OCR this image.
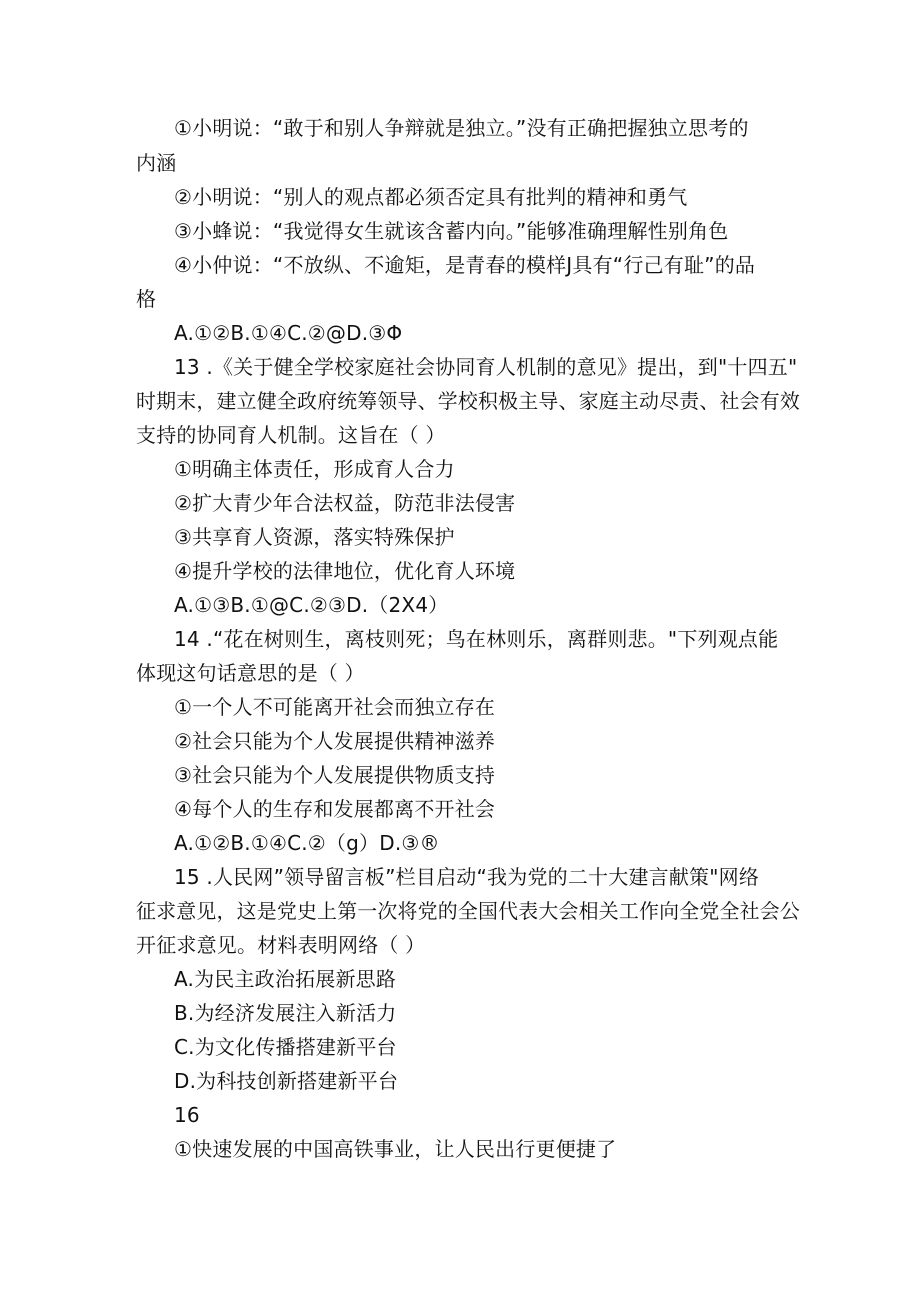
①小明说：“敢于和别人争辩就是独立。”没有正确把握独立思考的
内涵
②小明说：“别人的观点都必须否定具有批判的精神和勇气
③小蜂说：“我觉得女生就该含蓄内向。”能够准确理解性别角色
④小仲说：“不放纵、不逾矩，是青春的模样J具有“行己有耻”的品
格
A.①②B.①④C.②@D.③Φ
13 .《关于健全学校家庭社会协同育人机制的意见》提出，到"十四五"
时期末，建立健全政府统筹领导、学校积极主导、家庭主动尽责、社会有效
支持的协同育人机制。这旨在（ ）
①明确主体责任，形成育人合力
②扩大青少年合法权益，防范非法侵害
③共享育人资源，落实特殊保护
④提升学校的法律地位，优化育人环境
A.①③B.①@C.②③D.（2X4）
14 .“花在树则生，离枝则死；鸟在林则乐，离群则悲。"下列观点能
体现这句话意思的是（ ）
①一个人不可能离开社会而独立存在
②社会只能为个人发展提供精神滋养
③社会只能为个人发展提供物质支持
④每个人的生存和发展都离不开社会
A.①②B.①④C.②（g）D.③®
15 .人民网”领导留言板”栏目启动“我为党的二十大建言献策"网络
征求意见，这是党史上第一次将党的全国代表大会相关工作向全党全社会公
开征求意见。材料表明网络（ ）
A.为民主政治拓展新思路
B.为经济发展注入新活力
C.为文化传播搭建新平台
D.为科技创新搭建新平台
16
①快速发展的中国高铁事业，让人民出行更便捷了
